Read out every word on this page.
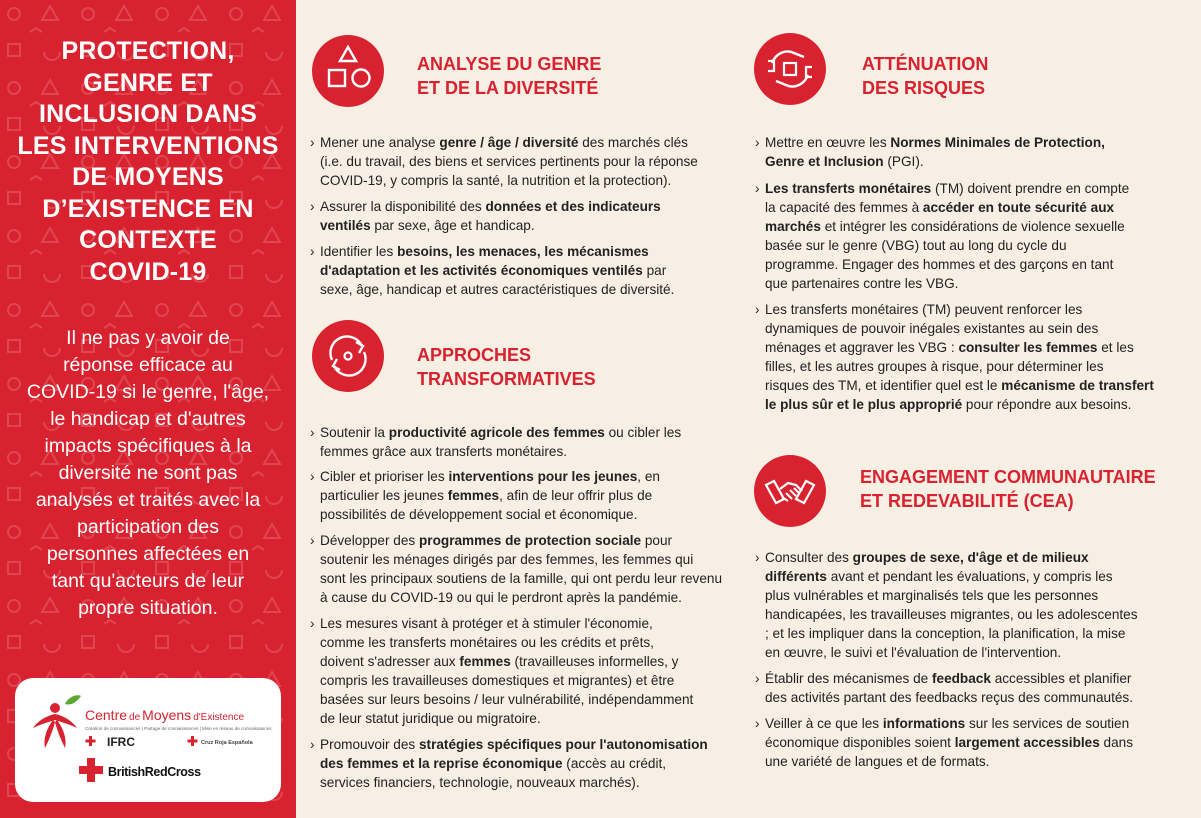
PROTECTION,
GENRE ET
INCLUSION DANS
LES INTERVENTIONS
DE MOYENS
D’EXISTENCE EN
CONTEXTE
COVID-19
Il ne pas y avoir de
réponse efficace au
COVID-19 si le genre, l'âge,
le handicap et d'autres
impacts spécifiques à la
diversité ne sont pas
analysés et traités avec la
participation des
personnes affectées en
tant qu'acteurs de leur
propre situation.
Centre de Moyens d'Existence
Création de connaissances | Partage de connaissances | Mise en réseau de connaissances
IFRC	Cruz Roja Española
BritishRedCross
ANALYSE DU GENRE
ET DE LA DIVERSITÉ
› Mener une analyse genre / âge / diversité des marchés clés
(i.e. du travail, des biens et services pertinents pour la réponse
COVID-19, y compris la santé, la nutrition et la protection).
› Assurer la disponibilité des données et des indicateurs
ventilés par sexe, âge et handicap.
› Identifier les besoins, les menaces, les mécanismes
d'adaptation et les activités économiques ventilés par
sexe, âge, handicap et autres caractéristiques de diversité.
APPROCHES
TRANSFORMATIVES
› Soutenir la productivité agricole des femmes ou cibler les
femmes grâce aux transferts monétaires.
› Cibler et prioriser les interventions pour les jeunes, en
particulier les jeunes femmes, afin de leur offrir plus de
possibilités de développement social et économique.
› Développer des programmes de protection sociale pour
soutenir les ménages dirigés par des femmes, les femmes qui
sont les principaux soutiens de la famille, qui ont perdu leur revenu
à cause du COVID-19 ou qui le perdront après la pandémie.
› Les mesures visant à protéger et à stimuler l'économie,
comme les transferts monétaires ou les crédits et prêts,
doivent s'adresser aux femmes (travailleuses informelles, y
compris les travailleuses domestiques et migrantes) et être
basées sur leurs besoins / leur vulnérabilité, indépendamment
de leur statut juridique ou migratoire.
› Promouvoir des stratégies spécifiques pour l'autonomisation
des femmes et la reprise économique (accès au crédit,
services financiers, technologie, nouveaux marchés).
ATTÉNUATION
DES RISQUES
› Mettre en œuvre les Normes Minimales de Protection,
Genre et Inclusion (PGI).
› Les transferts monétaires (TM) doivent prendre en compte
la capacité des femmes à accéder en toute sécurité aux
marchés et intégrer les considérations de violence sexuelle
basée sur le genre (VBG) tout au long du cycle du
programme. Engager des hommes et des garçons en tant
que partenaires contre les VBG.
› Les transferts monétaires (TM) peuvent renforcer les
dynamiques de pouvoir inégales existantes au sein des
ménages et aggraver les VBG : consulter les femmes et les
filles, et les autres groupes à risque, pour déterminer les
risques des TM, et identifier quel est le mécanisme de transfert
le plus sûr et le plus approprié pour répondre aux besoins.
ENGAGEMENT COMMUNAUTAIRE
ET REDEVABILITÉ (CEA)
› Consulter des groupes de sexe, d'âge et de milieux
différents avant et pendant les évaluations, y compris les
plus vulnérables et marginalisés tels que les personnes
handicapées, les travailleuses migrantes, ou les adolescentes
; et les impliquer dans la conception, la planification, la mise
en œuvre, le suivi et l'évaluation de l'intervention.
› Établir des mécanismes de feedback accessibles et planifier
des activités partant des feedbacks reçus des communautés.
› Veiller à ce que les informations sur les services de soutien
économique disponibles soient largement accessibles dans
une variété de langues et de formats.
